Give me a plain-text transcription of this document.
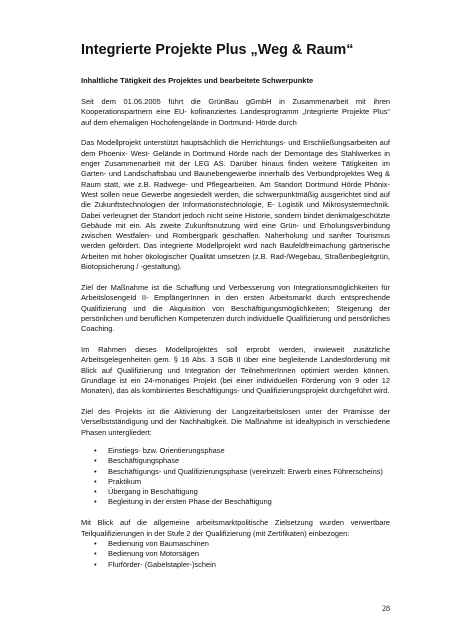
Integrierte Projekte Plus „Weg & Raum“
Inhaltliche Tätigkeit des Projektes und bearbeitete Schwerpunkte

Seit dem 01.06.2005 führt die GrünBau gGmbH in Zusammenarbeit mit ihren Kooperationspartnern eine EU- kofinanziertes Landesprogramm „Integrierte Projekte Plus“ auf dem ehemaligen Hochofengelände in Dortmund- Hörde durch

Das Modellprojekt unterstützt hauptsächlich die Herrichtungs- und Erschließungsarbeiten auf dem Phoenix- West- Gelände in Dortmund Hörde nach der Demontage des Stahlwerkes in enger Zusammenarbeit mit der LEG AS. Darüber hinaus finden weitere Tätigkeiten im Garten- und Landschaftsbau und Baunebengewerbe innerhalb des Verbundprojektes Weg & Raum statt, wie z.B. Radwege- und Pflegearbeiten. Am Standort Dortmund Hörde Phönix- West sollen neue Gewerbe angesiedelt werden, die schwerpunktmäßig ausgerichtet sind auf die Zukunftstechnologien der Informationstechnologie, E- Logistik und Mikrosystemtechnik. Dabei verleugnet der Standort jedoch nicht seine Historie, sondern bindet denkmalgeschützte Gebäude mit ein. Als zweite Zukunftsnutzung wird eine Grün- und Erholungsverbindung zwischen Westfalen- und Rombergpark geschaffen. Naherholung und sanfter Tourismus werden gefördert. Das integrierte Modellprojekt wird nach Baufeldfreimachung gärtnerische Arbeiten mit hoher ökologischer Qualität umsetzen (z.B. Rad-/Wegebau, Straßenbegleitgrün, Biotopsicherung / -gestaltung).

Ziel der Maßnahme ist die Schaffung und Verbesserung von Integrationsmöglichkeiten für ArbeitslosengeId II- EmpfängerInnen in den ersten Arbeitsmarkt durch entsprechende Qualifizierung und die Akquisition von Beschäftigungsmöglichkeiten; Steigerung der persönlichen und beruflichen Kompetenzen durch individuelle Qualifizierung und persönliches Coaching.

Im Rahmen dieses Modellprojektes soll erprobt werden, inwieweit zusätzliche Arbeitsgelegenheiten gem. § 16 Abs. 3 SGB II über eine begleitende Landesförderung mit Blick auf Qualifizierung und Integration der TeilnehmerInnen optimiert werden können. Grundlage ist ein 24-monatiges Projekt (bei einer individuellen Förderung von 9 oder 12 Monaten), das als kombiniertes Beschäftigungs- und Qualifizierungsprojekt durchgeführt wird.

Ziel des Projekts ist die Aktivierung der Langzeitarbeitslosen unter der Prämisse der Verselbstständigung und der Nachhaltigkeit. Die Maßnahme ist idealtypisch in verschiedene Phasen untergliedert:

• Einstiegs- bzw. Orientierungsphase
• Beschäftigungsphase
• Beschäftigungs- und Qualifizierungsphase (vereinzelt: Erwerb eines Führerscheins)
• Praktikum
• Übergang in Beschäftigung
• Begleitung in der ersten Phase der Beschäftigung

Mit Blick auf die allgemeine arbeitsmarktpolitische Zielsetzung wurden verwertbare Teilqualifizierungen in der Stufe 2 der Qualifizierung (mit Zertifikaten) einbezogen:

• Bedienung von Baumaschinen
• Bedienung von Motorsägen
• Flurförder- (Gabelstapler-)schein
28
